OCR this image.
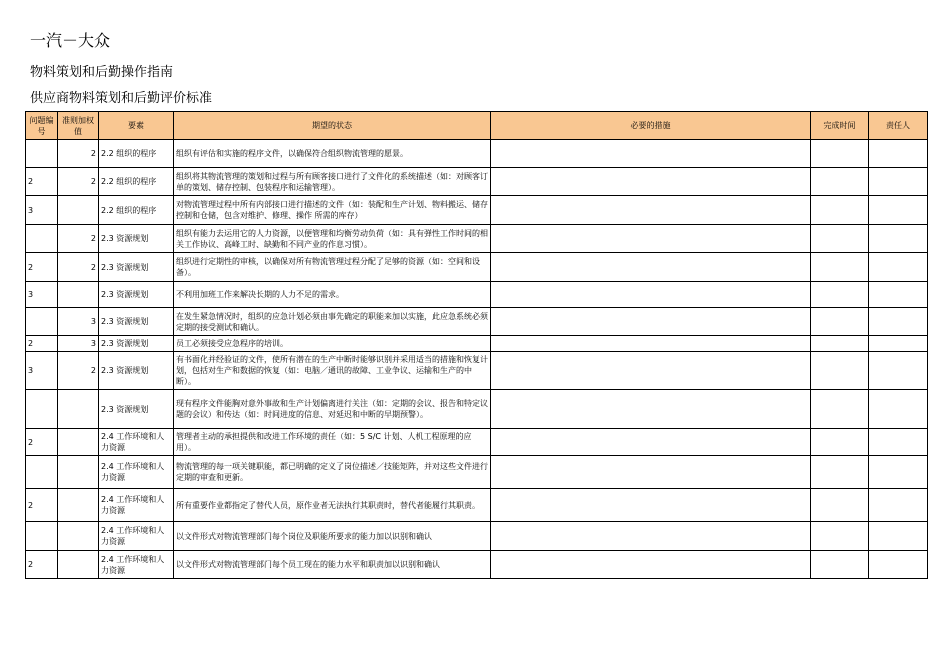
一汽－大众
物料策划和后勤操作指南
供应商物料策划和后勤评价标准
问题编号	准则加权值	要素	期望的状态	必要的措施	完成时间	责任人
	2	2.2 组织的程序	组织有评估和实施的程序文件，以确保符合组织物流管理的愿景。			
2	2	2.2 组织的程序	组织将其物流管理的策划和过程与所有顾客接口进行了文件化的系统描述（如：对顾客订单的策划、储存控制、包装程序和运输管理）。			
3		2.2 组织的程序	对物流管理过程中所有内部接口进行描述的文件（如：装配和生产计划、物料搬运、储存控制和仓储，包含对维护、修理、操作 所需的库存）			
	2	2.3 资源规划	组织有能力去运用它的人力资源，以便管理和均衡劳动负荷（如：具有弹性工作时间的相关工作协议、高峰工时、缺勤和不同产业的作息习惯）。			
2	2	2.3 资源规划	组织进行定期性的审核，以确保对所有物流管理过程分配了足够的资源（如：空间和设备）。			
3		2.3 资源规划	不利用加班工作来解决长期的人力不足的需求。			
	3	2.3 资源规划	在发生紧急情况时，组织的应急计划必须由事先确定的职能来加以实施，此应急系统必须定期的接受测试和确认。			
2	3	2.3 资源规划	员工必须接受应急程序的培训。			
3	2	2.3 资源规划	有书面化并经验证的文件，使所有潜在的生产中断时能够识别并采用适当的措施和恢复计划，包括对生产和数据的恢复（如：电脑／通讯的故障、工业争议、运输和生产的中断）。			
		2.3 资源规划	现有程序文件能胸对意外事故和生产计划偏离进行关注（如：定期的会议、报告和特定议题的会议）和传达（如：时间进度的信息、对延迟和中断的早期预警）。			
2		2.4 工作环境和人力资源	管理者主动的承担提供和改进工作环境的责任（如：5 S/C 计划、人机工程原理的应用）。			
		2.4 工作环境和人力资源	物流管理的每一项关键职能，都已明确的定义了岗位描述／技能矩阵，并对这些文件进行定期的审查和更新。			
2		2.4 工作环境和人力资源	所有重要作业都指定了替代人员，原作业者无法执行其职责时，替代者能履行其职责。			
		2.4 工作环境和人力资源	以文件形式对物流管理部门每个岗位及职能所要求的能力加以识别和确认			
2		2.4 工作环境和人力资源	以文件形式对物流管理部门每个员工现在的能力水平和职责加以识别和确认			
